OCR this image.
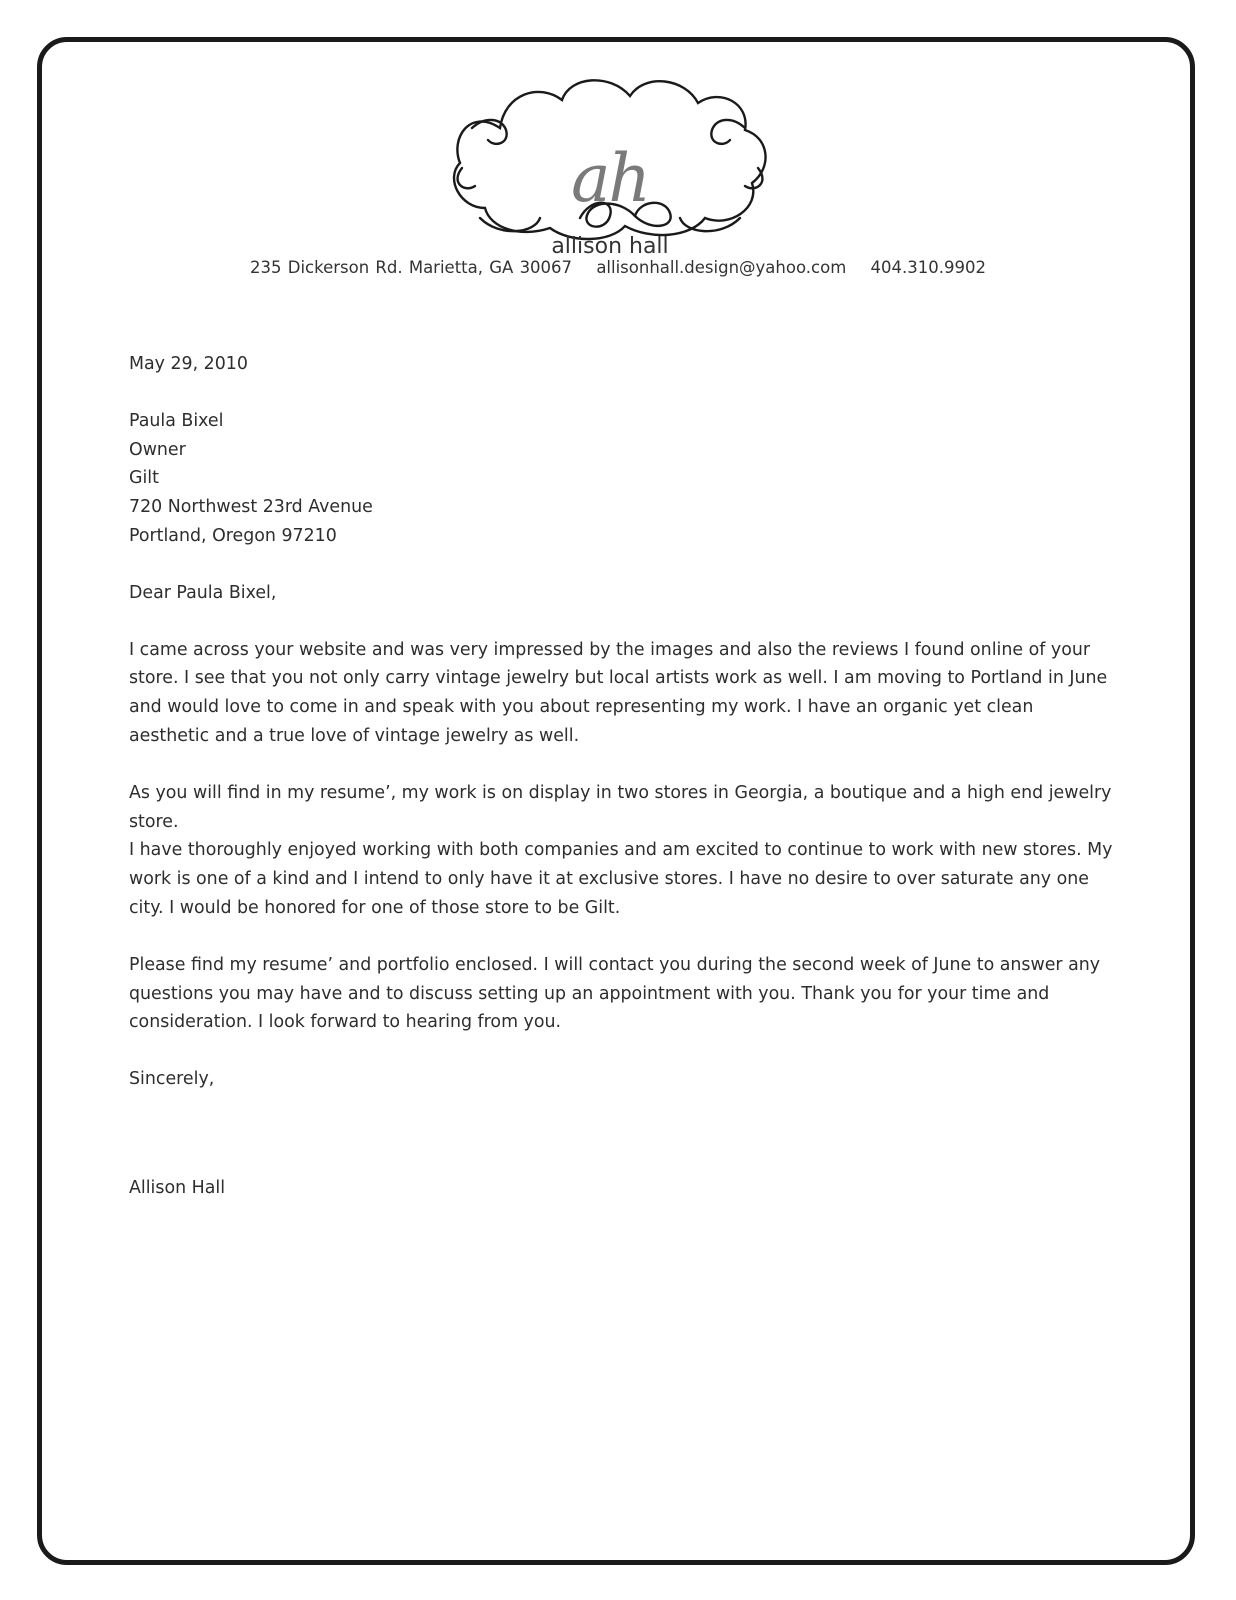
ah
allison hall
235 Dickerson Rd. Marietta, GA 30067 allisonhall.design@yahoo.com 404.310.9902

May 29, 2010

Paula Bixel
Owner
Gilt
720 Northwest 23rd Avenue
Portland, Oregon 97210

Dear Paula Bixel,

I came across your website and was very impressed by the images and also the reviews I found online of your store. I see that you not only carry vintage jewelry but local artists work as well. I am moving to Portland in June and would love to come in and speak with you about representing my work. I have an organic yet clean aesthetic and a true love of vintage jewelry as well.

As you will find in my resume’, my work is on display in two stores in Georgia, a boutique and a high end jewelry store.
I have thoroughly enjoyed working with both companies and am excited to continue to work with new stores. My work is one of a kind and I intend to only have it at exclusive stores. I have no desire to over saturate any one city. I would be honored for one of those store to be Gilt.

Please find my resume’ and portfolio enclosed. I will contact you during the second week of June to answer any questions you may have and to discuss setting up an appointment with you. Thank you for your time and consideration. I look forward to hearing from you.

Sincerely,

Allison Hall
